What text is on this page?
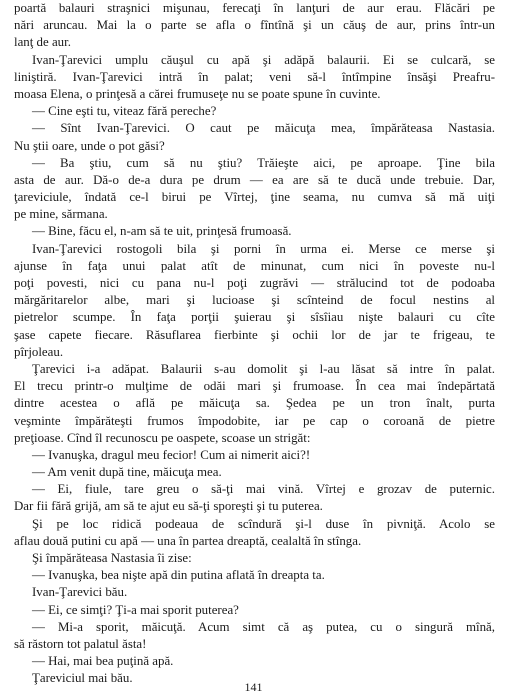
poartă balauri straşnici mişunau, ferecaţi în lanţuri de aur erau. Flăcări pe
nări aruncau. Mai la o parte se afla o fîntînă şi un căuş de aur, prins într-un
lanţ de aur.
Ivan-Ţarevici umplu căuşul cu apă şi adăpă balaurii. Ei se culcară, se
liniştiră. Ivan-Ţarevici intră în palat; veni să-l întîmpine însăşi Preafru-
moasa Elena, o prinţesă a cărei frumuseţe nu se poate spune în cuvinte.
— Cine eşti tu, viteaz fără pereche?
— Sînt Ivan-Ţarevici. O caut pe măicuţa mea, împărăteasa Nastasia.
Nu ştii oare, unde o pot găsi?
— Ba ştiu, cum să nu ştiu? Trăieşte aici, pe aproape. Ţine bila
asta de aur. Dă-o de-a dura pe drum — ea are să te ducă unde trebuie. Dar,
ţareviciule, îndată ce-l birui pe Vîrtej, ţine seama, nu cumva să mă uiţi
pe mine, sărmana.
— Bine, făcu el, n-am să te uit, prinţesă frumoasă.
Ivan-Ţarevici rostogoli bila şi porni în urma ei. Merse ce merse şi
ajunse în faţa unui palat atît de minunat, cum nici în poveste nu-l
poţi povesti, nici cu pana nu-l poţi zugrăvi — strălucind tot de podoaba
mărgăritarelor albe, mari şi lucioase şi scînteind de focul nestins al
pietrelor scumpe. În faţa porţii şuierau şi sîsîiau nişte balauri cu cîte
şase capete fiecare. Răsuflarea fierbinte şi ochii lor de jar te frigeau, te
pîrjoleau.
Ţarevici i-a adăpat. Balaurii s-au domolit şi l-au lăsat să intre în palat.
El trecu printr-o mulţime de odăi mari şi frumoase. În cea mai îndepărtată
dintre acestea o află pe măicuţa sa. Şedea pe un tron înalt, purta
veşminte împărăteşti frumos împodobite, iar pe cap o coroană de pietre
preţioase. Cînd îl recunoscu pe oaspete, scoase un strigăt:
— Ivanuşka, dragul meu fecior! Cum ai nimerit aici?!
— Am venit după tine, măicuţa mea.
— Ei, fiule, tare greu o să-ţi mai vină. Vîrtej e grozav de puternic.
Dar fii fără grijă, am să te ajut eu să-ţi sporeşti şi tu puterea.
Şi pe loc ridică podeaua de scîndură şi-l duse în pivniţă. Acolo se
aflau două putini cu apă — una în partea dreaptă, cealaltă în stînga.
Şi împărăteasa Nastasia îi zise:
— Ivanuşka, bea nişte apă din putina aflată în dreapta ta.
Ivan-Ţarevici bău.
— Ei, ce simţi? Ţi-a mai sporit puterea?
— Mi-a sporit, măicuţă. Acum simt că aş putea, cu o singură mînă,
să răstorn tot palatul ăsta!
— Hai, mai bea puţină apă.
Ţareviciul mai bău.
141
